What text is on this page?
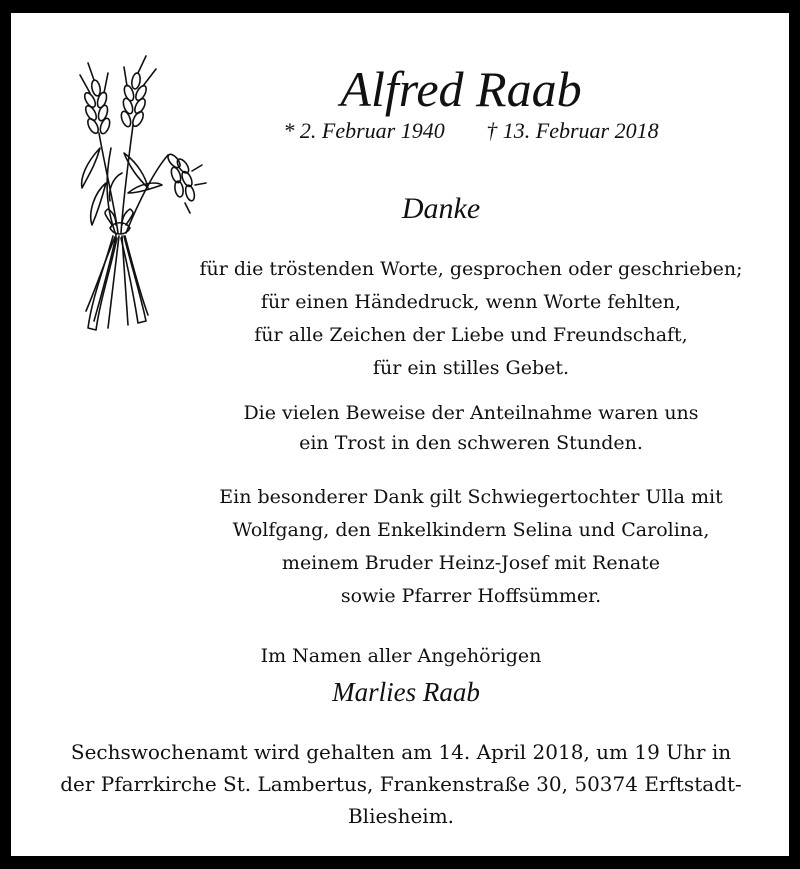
Alfred Raab
* 2. Februar 1940 † 13. Februar 2018
Danke
für die tröstenden Worte, gesprochen oder geschrieben;
für einen Händedruck, wenn Worte fehlten,
für alle Zeichen der Liebe und Freundschaft,
für ein stilles Gebet.
Die vielen Beweise der Anteilnahme waren uns
ein Trost in den schweren Stunden.
Ein besonderer Dank gilt Schwiegertochter Ulla mit
Wolfgang, den Enkelkindern Selina und Carolina,
meinem Bruder Heinz-Josef mit Renate
sowie Pfarrer Hoffsümmer.
Im Namen aller Angehörigen
Marlies Raab
Sechswochenamt wird gehalten am 14. April 2018, um 19 Uhr in
der Pfarrkirche St. Lambertus, Frankenstraße 30, 50374 Erftstadt-
Bliesheim.
